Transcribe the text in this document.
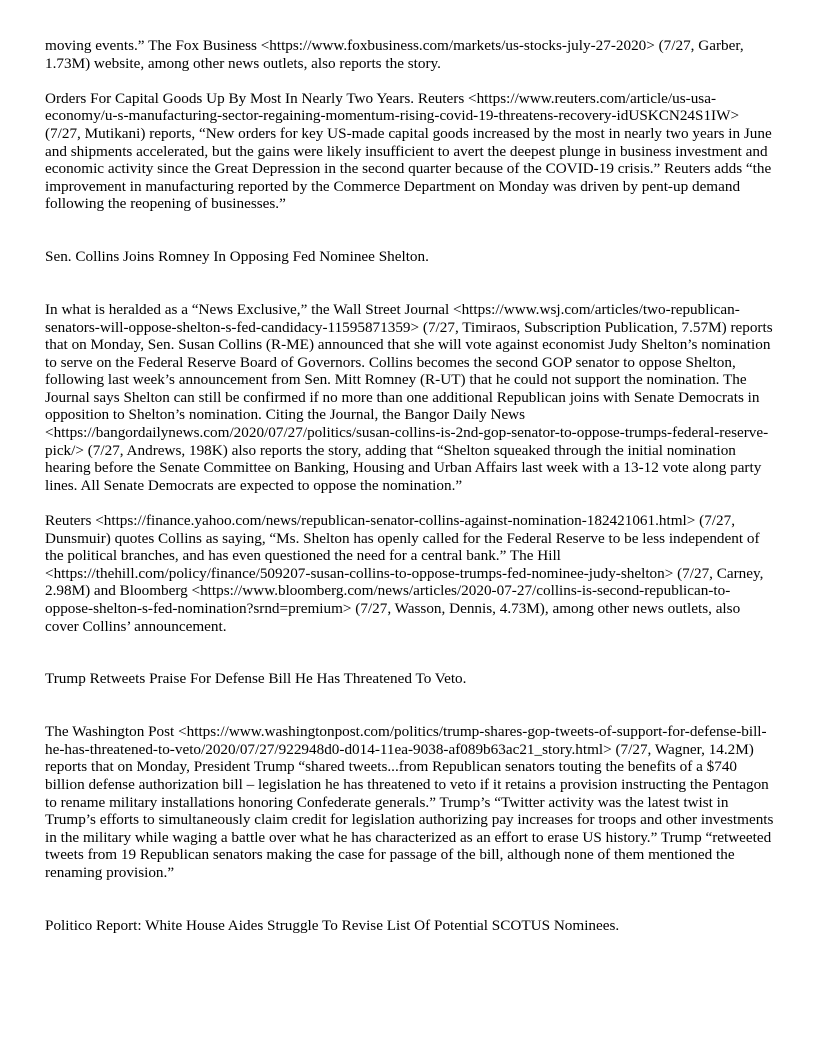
moving events.” The Fox Business <https://www.foxbusiness.com/markets/us-stocks-july-27-2020> (7/27, Garber, 1.73M) website, among other news outlets, also reports the story.

Orders For Capital Goods Up By Most In Nearly Two Years. Reuters <https://www.reuters.com/article/us-usa-economy/u-s-manufacturing-sector-regaining-momentum-rising-covid-19-threatens-recovery-idUSKCN24S1IW> (7/27, Mutikani) reports, “New orders for key US-made capital goods increased by the most in nearly two years in June and shipments accelerated, but the gains were likely insufficient to avert the deepest plunge in business investment and economic activity since the Great Depression in the second quarter because of the COVID-19 crisis.” Reuters adds “the improvement in manufacturing reported by the Commerce Department on Monday was driven by pent-up demand following the reopening of businesses.”

Sen. Collins Joins Romney In Opposing Fed Nominee Shelton.

In what is heralded as a “News Exclusive,” the Wall Street Journal <https://www.wsj.com/articles/two-republican-senators-will-oppose-shelton-s-fed-candidacy-11595871359> (7/27, Timiraos, Subscription Publication, 7.57M) reports that on Monday, Sen. Susan Collins (R-ME) announced that she will vote against economist Judy Shelton’s nomination to serve on the Federal Reserve Board of Governors. Collins becomes the second GOP senator to oppose Shelton, following last week’s announcement from Sen. Mitt Romney (R-UT) that he could not support the nomination. The Journal says Shelton can still be confirmed if no more than one additional Republican joins with Senate Democrats in opposition to Shelton’s nomination. Citing the Journal, the Bangor Daily News <https://bangordailynews.com/2020/07/27/politics/susan-collins-is-2nd-gop-senator-to-oppose-trumps-federal-reserve-pick/> (7/27, Andrews, 198K) also reports the story, adding that “Shelton squeaked through the initial nomination hearing before the Senate Committee on Banking, Housing and Urban Affairs last week with a 13-12 vote along party lines. All Senate Democrats are expected to oppose the nomination.”

Reuters <https://finance.yahoo.com/news/republican-senator-collins-against-nomination-182421061.html> (7/27, Dunsmuir) quotes Collins as saying, “Ms. Shelton has openly called for the Federal Reserve to be less independent of the political branches, and has even questioned the need for a central bank.” The Hill <https://thehill.com/policy/finance/509207-susan-collins-to-oppose-trumps-fed-nominee-judy-shelton> (7/27, Carney, 2.98M) and Bloomberg <https://www.bloomberg.com/news/articles/2020-07-27/collins-is-second-republican-to-oppose-shelton-s-fed-nomination?srnd=premium> (7/27, Wasson, Dennis, 4.73M), among other news outlets, also cover Collins’ announcement.

Trump Retweets Praise For Defense Bill He Has Threatened To Veto.

The Washington Post <https://www.washingtonpost.com/politics/trump-shares-gop-tweets-of-support-for-defense-bill-he-has-threatened-to-veto/2020/07/27/922948d0-d014-11ea-9038-af089b63ac21_story.html> (7/27, Wagner, 14.2M) reports that on Monday, President Trump “shared tweets...from Republican senators touting the benefits of a $740 billion defense authorization bill – legislation he has threatened to veto if it retains a provision instructing the Pentagon to rename military installations honoring Confederate generals.” Trump’s “Twitter activity was the latest twist in Trump’s efforts to simultaneously claim credit for legislation authorizing pay increases for troops and other investments in the military while waging a battle over what he has characterized as an effort to erase US history.” Trump “retweeted tweets from 19 Republican senators making the case for passage of the bill, although none of them mentioned the renaming provision.”

Politico Report: White House Aides Struggle To Revise List Of Potential SCOTUS Nominees.
